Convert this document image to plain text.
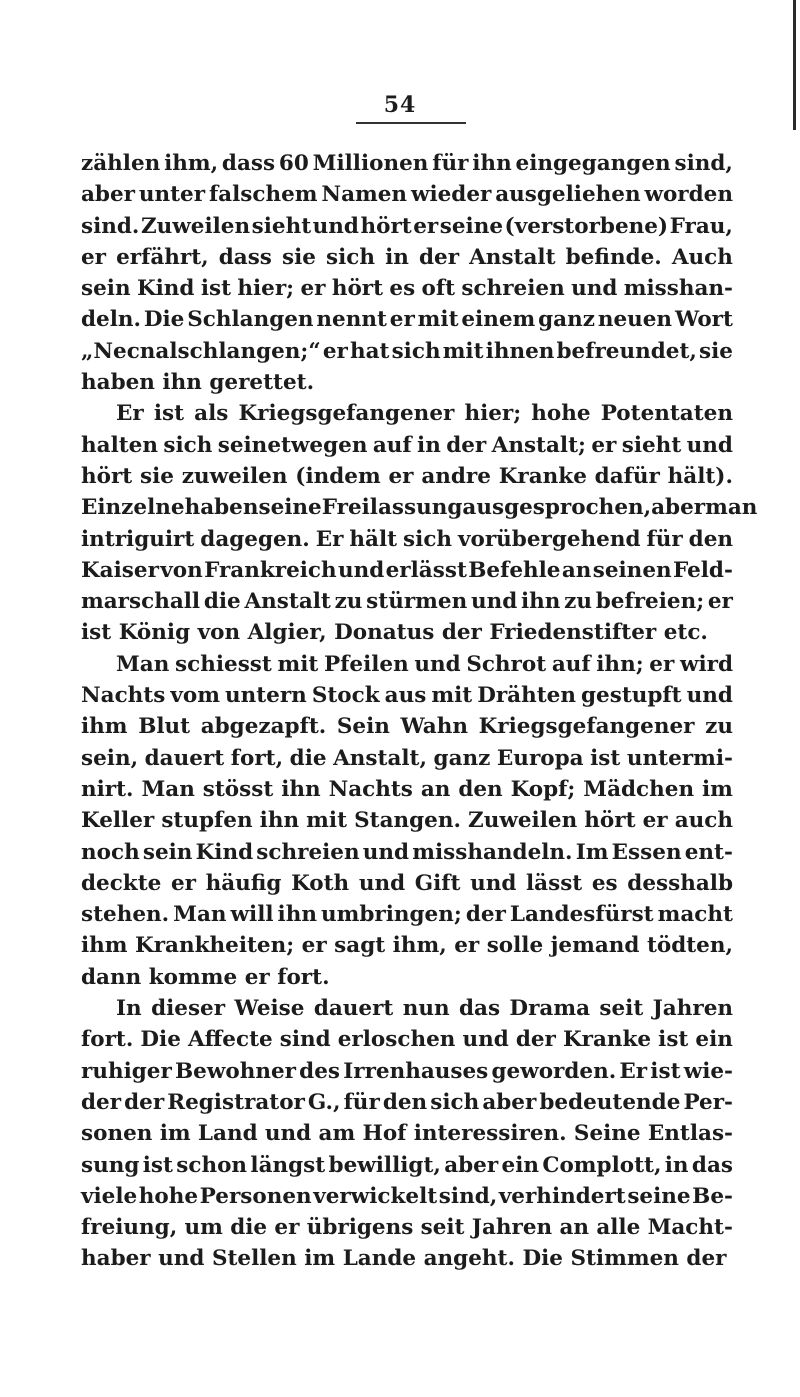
54
zählen ihm, dass 60 Millionen für ihn eingegangen sind,
aber unter falschem Namen wieder ausgeliehen worden
sind. Zuweilen sieht und hört er seine (verstorbene) Frau,
er erfährt, dass sie sich in der Anstalt befinde. Auch
sein Kind ist hier; er hört es oft schreien und misshan-
deln. Die Schlangen nennt er mit einem ganz neuen Wort
„Necnalschlangen;“ er hat sich mit ihnen befreundet, sie
haben ihn gerettet.
Er ist als Kriegsgefangener hier; hohe Potentaten
halten sich seinetwegen auf in der Anstalt; er sieht und
hört sie zuweilen (indem er andre Kranke dafür hält).
Einzelne haben seine Freilassung ausgesprochen, aber man
intriguirt dagegen. Er hält sich vorübergehend für den
Kaiser von Frankreich und erlässt Befehle an seinen Feld-
marschall die Anstalt zu stürmen und ihn zu befreien; er
ist König von Algier, Donatus der Friedenstifter etc.
Man schiesst mit Pfeilen und Schrot auf ihn; er wird
Nachts vom untern Stock aus mit Drähten gestupft und
ihm Blut abgezapft. Sein Wahn Kriegsgefangener zu
sein, dauert fort, die Anstalt, ganz Europa ist untermi-
nirt. Man stösst ihn Nachts an den Kopf; Mädchen im
Keller stupfen ihn mit Stangen. Zuweilen hört er auch
noch sein Kind schreien und misshandeln. Im Essen ent-
deckte er häufig Koth und Gift und lässt es desshalb
stehen. Man will ihn umbringen; der Landesfürst macht
ihm Krankheiten; er sagt ihm, er solle jemand tödten,
dann komme er fort.
In dieser Weise dauert nun das Drama seit Jahren
fort. Die Affecte sind erloschen und der Kranke ist ein
ruhiger Bewohner des Irrenhauses geworden. Er ist wie-
der der Registrator G., für den sich aber bedeutende Per-
sonen im Land und am Hof interessiren. Seine Entlas-
sung ist schon längst bewilligt, aber ein Complott, in das
viele hohe Personen verwickelt sind, verhindert seine Be-
freiung, um die er übrigens seit Jahren an alle Macht-
haber und Stellen im Lande angeht. Die Stimmen der
